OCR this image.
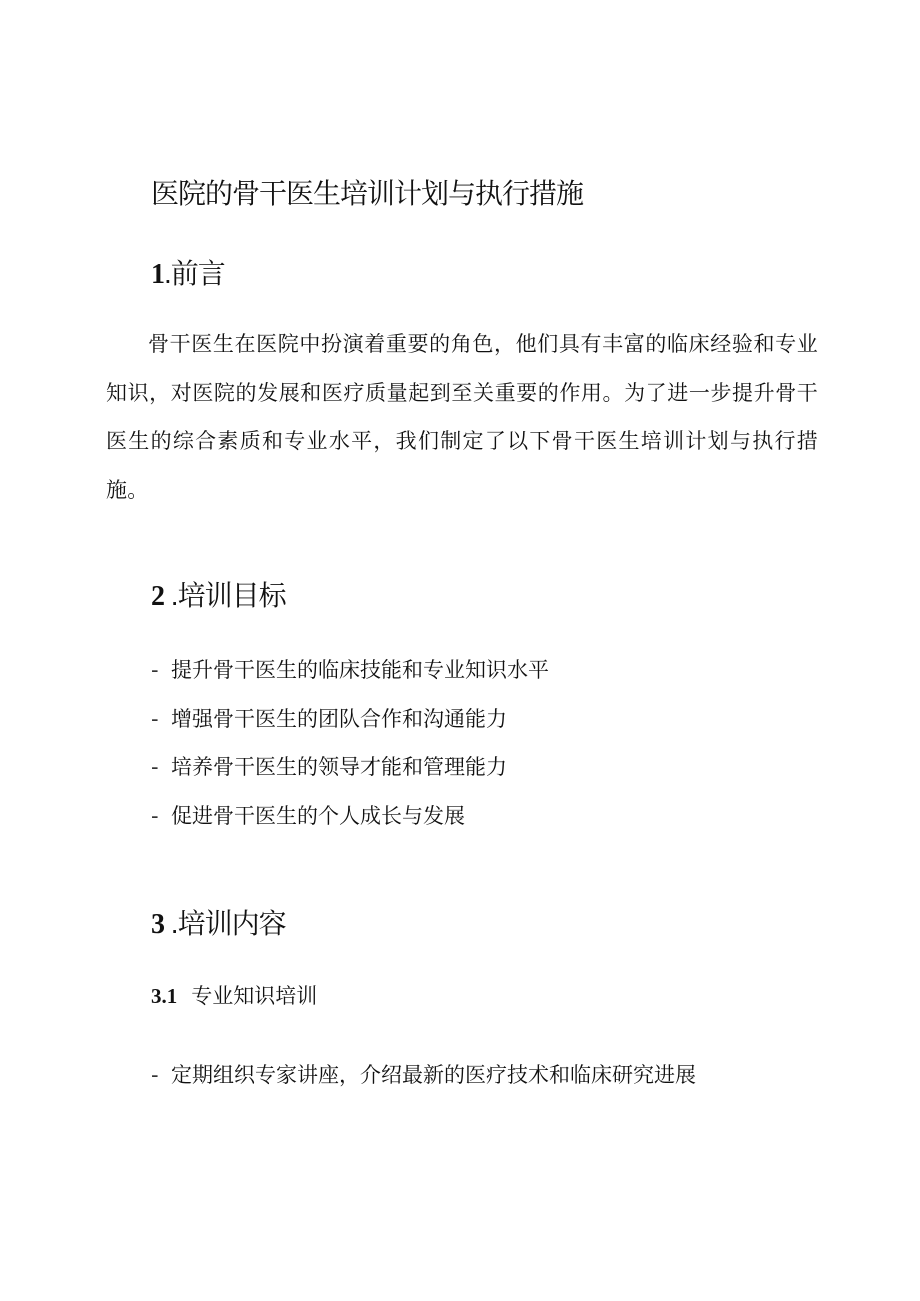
医院的骨干医生培训计划与执行措施
1.前言

骨干医生在医院中扮演着重要的角色，他们具有丰富的临床经验和专业知识，对医院的发展和医疗质量起到至关重要的作用。为了进一步提升骨干医生的综合素质和专业水平，我们制定了以下骨干医生培训计划与执行措施。

2 .培训目标
- 提升骨干医生的临床技能和专业知识水平
- 增强骨干医生的团队合作和沟通能力
- 培养骨干医生的领导才能和管理能力
- 促进骨干医生的个人成长与发展
3 .培训内容
3.1 专业知识培训
- 定期组织专家讲座，介绍最新的医疗技术和临床研究进展
